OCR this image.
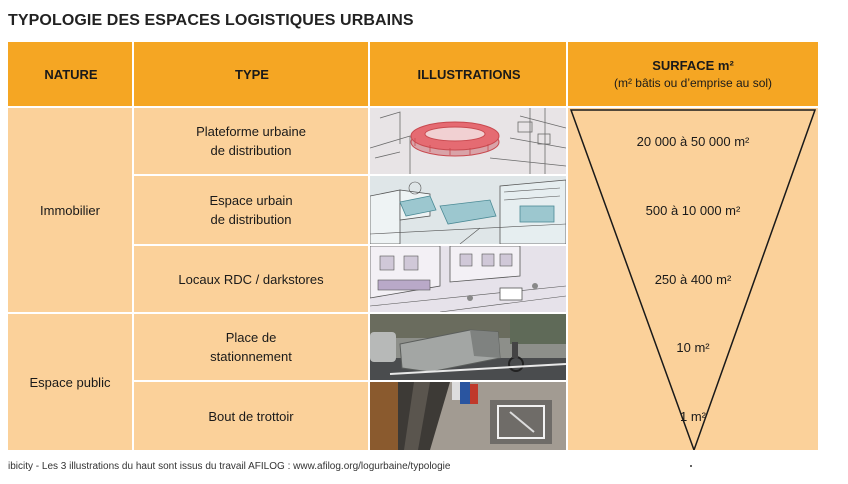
TYPOLOGIE DES ESPACES LOGISTIQUES URBAINS
NATURE	TYPE	ILLUSTRATIONS
SURFACE m²
(m² bâtis ou d’emprise au sol)
Immobilier
Espace public
Plateforme urbaine
de distribution
Espace urbain
de distribution
Locaux RDC / darkstores
Place de
stationnement
Bout de trottoir
20 000 à 50 000 m²
500 à 10 000 m²
250 à 400 m²
10 m²
1 m²
ibicity - Les 3 illustrations du haut sont issus du travail AFILOG : www.afilog.org/logurbaine/typologie
